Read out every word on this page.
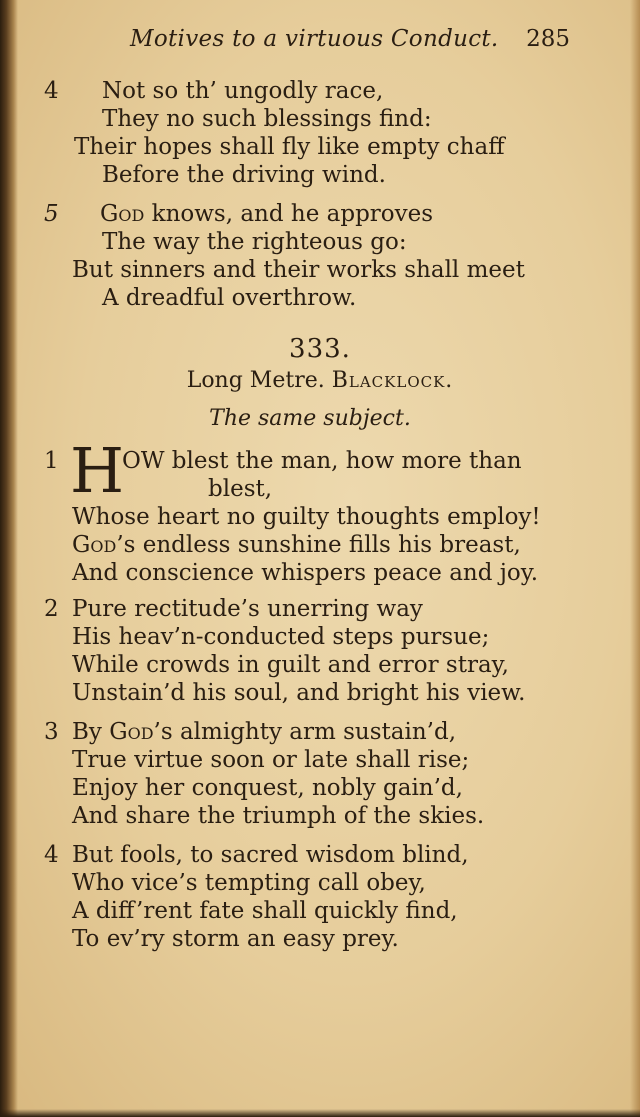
Motives to a virtuous Conduct. 285
4 Not so th’ ungodly race,
They no such blessings find:
Their hopes shall fly like empty chaff
Before the driving wind.
5 God knows, and he approves
The way the righteous go:
But sinners and their works shall meet
A dreadful overthrow.
333.
Long Metre. Blacklock.
The same subject.
1 H
OW blest the man, how more than
blest,
Whose heart no guilty thoughts employ!
God’s endless sunshine fills his breast,
And conscience whispers peace and joy.
2 Pure rectitude’s unerring way
His heav’n-conducted steps pursue;
While crowds in guilt and error stray,
Unstain’d his soul, and bright his view.
3 By God’s almighty arm sustain’d,
True virtue soon or late shall rise;
Enjoy her conquest, nobly gain’d,
And share the triumph of the skies.
4 But fools, to sacred wisdom blind,
Who vice’s tempting call obey,
A diff’rent fate shall quickly find,
To ev’ry storm an easy prey.
